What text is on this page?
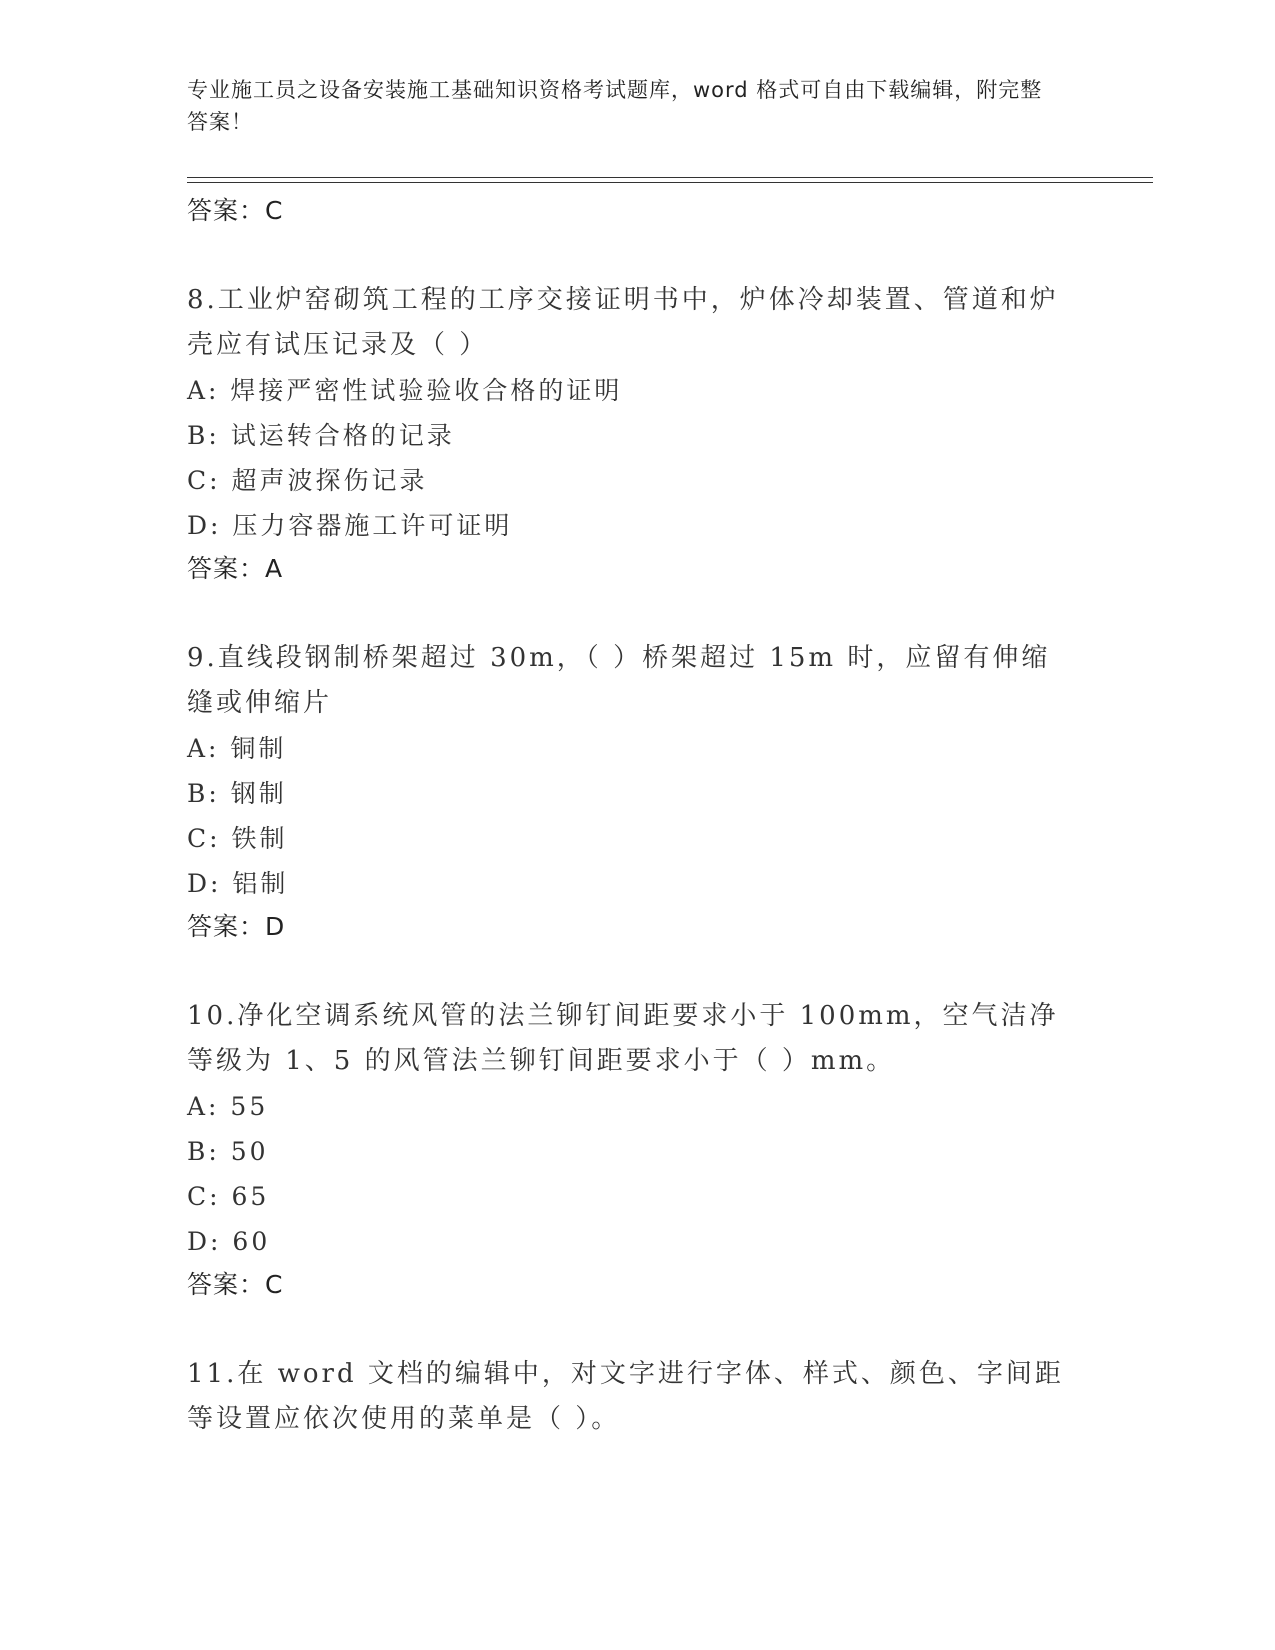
专业施工员之设备安装施工基础知识资格考试题库，word 格式可自由下载编辑，附完整答案！
答案：C
8.工业炉窑砌筑工程的工序交接证明书中，炉体冷却装置、管道和炉壳应有试压记录及（ ）
A: 焊接严密性试验验收合格的证明
B: 试运转合格的记录
C: 超声波探伤记录
D: 压力容器施工许可证明
答案：A
9.直线段钢制桥架超过 30m，（ ）桥架超过 15m 时，应留有伸缩缝或伸缩片
A: 铜制
B: 钢制
C: 铁制
D: 铝制
答案：D
10.净化空调系统风管的法兰铆钉间距要求小于 100mm，空气洁净等级为 1、5 的风管法兰铆钉间距要求小于（ ）mm。
A: 55
B: 50
C: 65
D: 60
答案：C
11.在 word 文档的编辑中，对文字进行字体、样式、颜色、字间距等设置应依次使用的菜单是（ ）。
